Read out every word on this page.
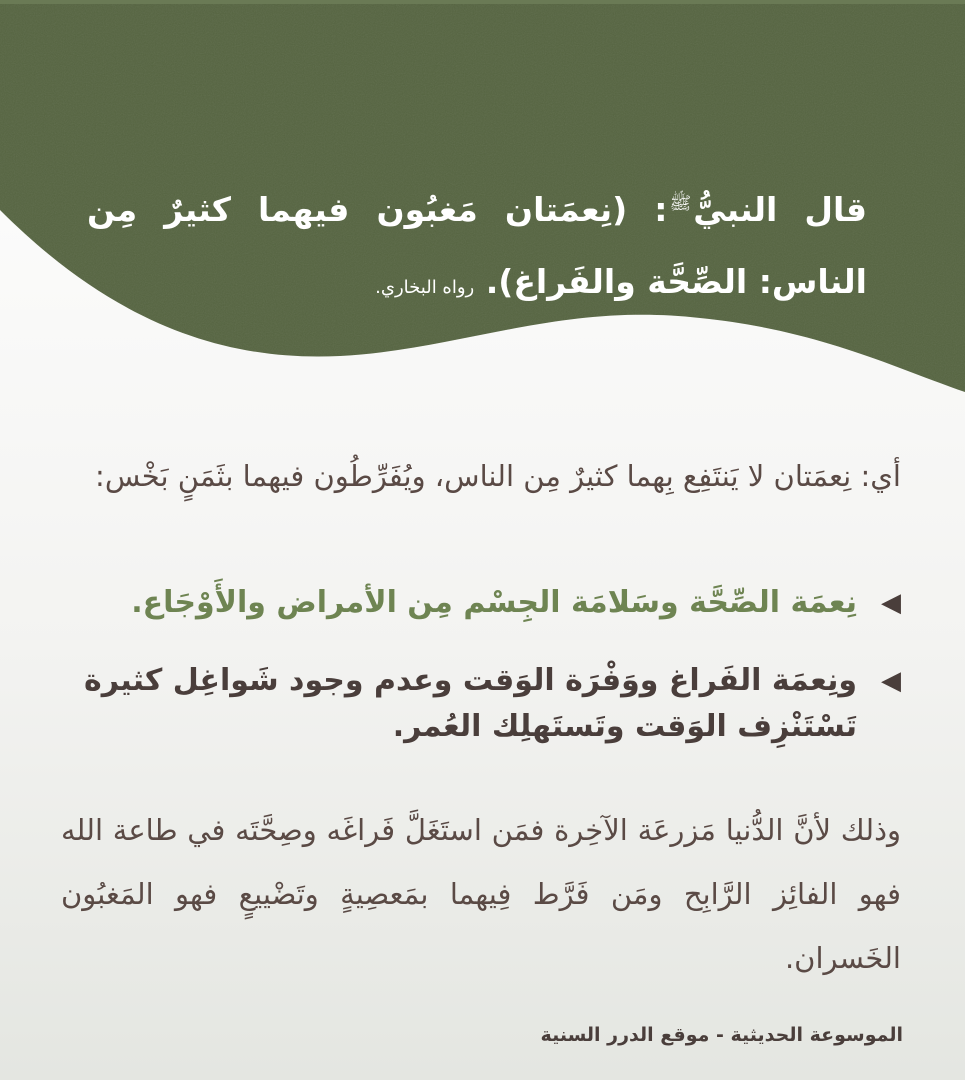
قال النبيُّ$^ﷺ$: (نِعمَتان مَغبُون فيهما كثيرٌ مِن الناس: الصِّحَّة والفَراغ). رواه البخاري.
أي: نِعمَتان لا يَنتَفِع بِهما كثيرٌ مِن الناس، ويُفَرِّطُون فيهما بثَمَنٍ بَخْس:
◀
نِعمَة الصِّحَّة وسَلامَة الجِسْم مِن الأمراض والأَوْجَاع.
◀
ونِعمَة الفَراغ ووَفْرَة الوَقت وعدم وجود شَواغِل كثيرة تَسْتَنْزِف الوَقت وتَستَهلِك العُمر.
وذلك لأنَّ الدُّنيا مَزرعَة الآخِرة فمَن استَغَلَّ فَراغَه وصِحَّتَه في طاعة الله فهو الفائِز الرَّابِح ومَن فَرَّط فِيهما بمَعصِيةٍ وتَضْييعٍ فهو المَغبُون الخَسران.
الموسوعة الحديثية - موقع الدرر السنية
